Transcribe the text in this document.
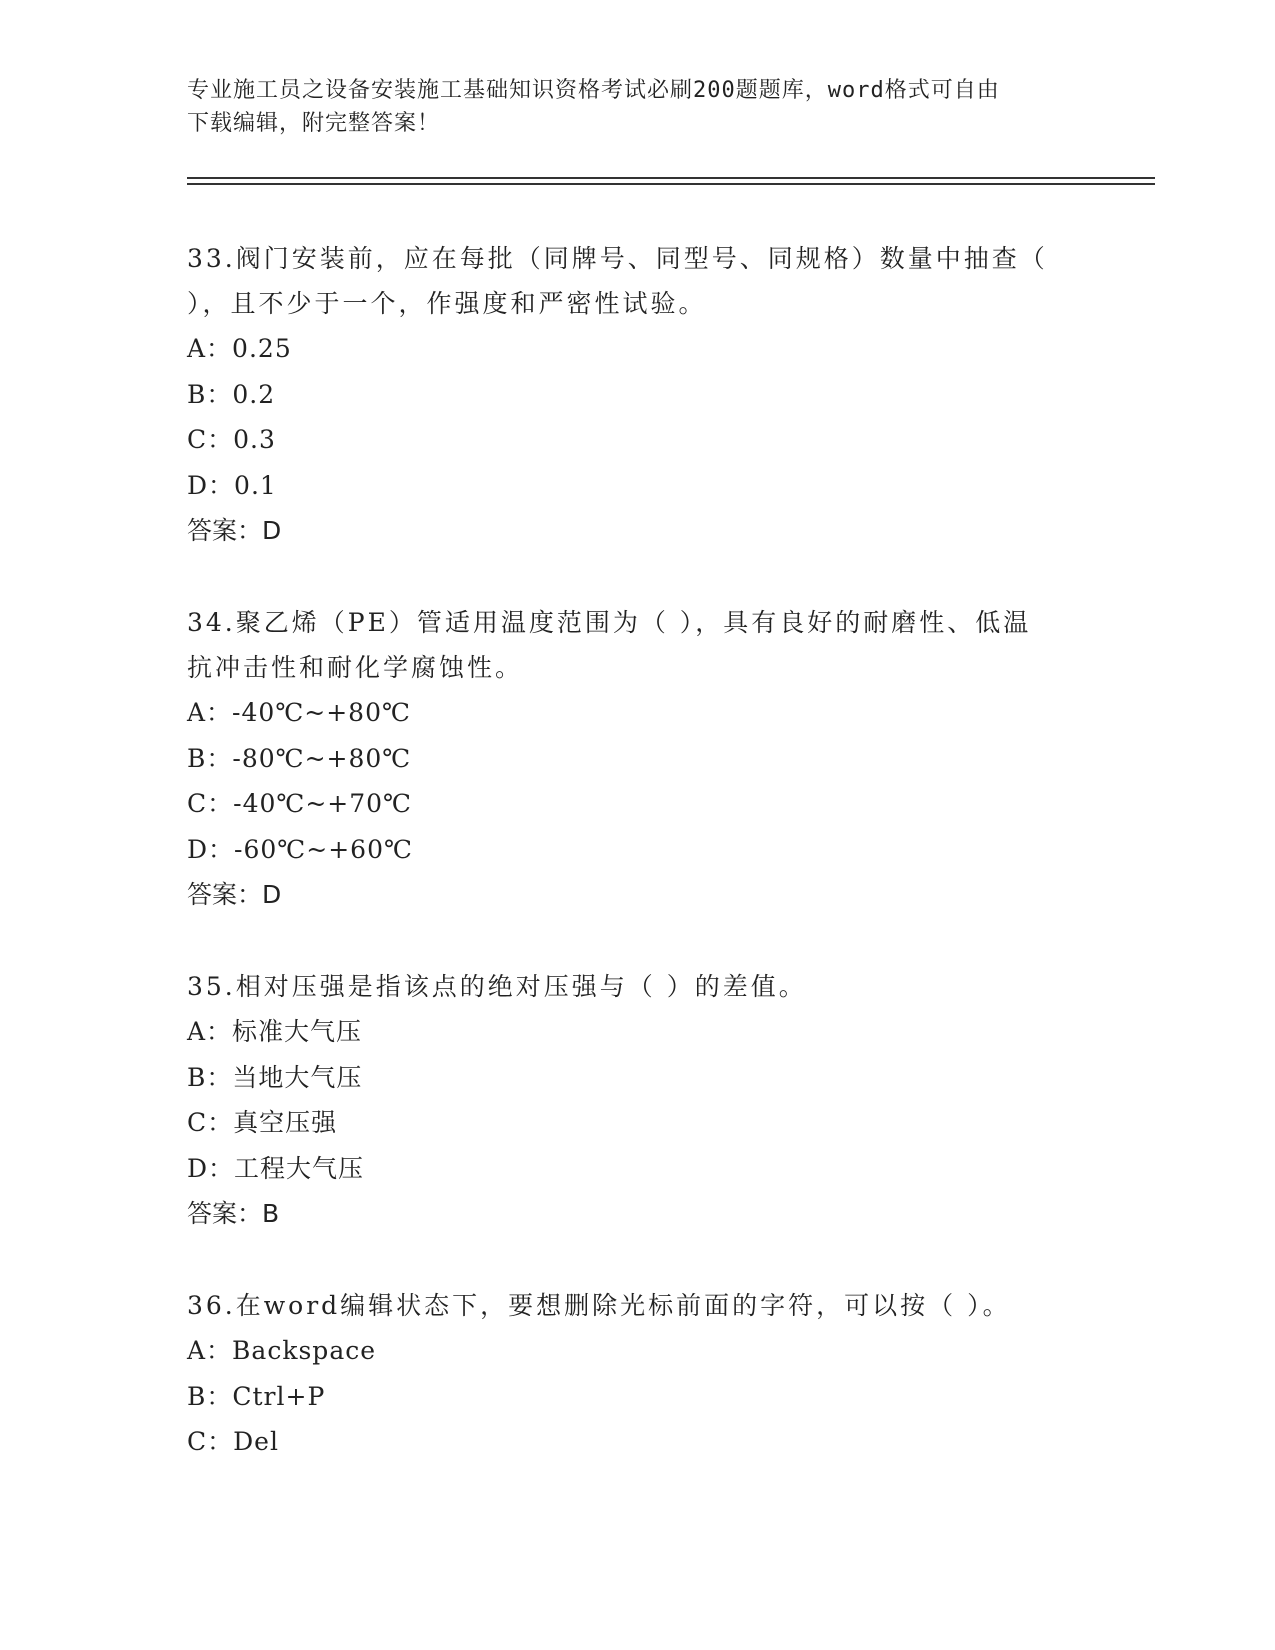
专业施工员之设备安装施工基础知识资格考试必刷200题题库，word格式可自由
下载编辑，附完整答案！
33.阀门安装前，应在每批（同牌号、同型号、同规格）数量中抽查（
），且不少于一个，作强度和严密性试验。
A：0.25
B：0.2
C：0.3
D：0.1
答案：D
34.聚乙烯（PE）管适用温度范围为（ ），具有良好的耐磨性、低温
抗冲击性和耐化学腐蚀性。
A：-40℃~+80℃
B：-80℃~+80℃
C：-40℃~+70℃
D：-60℃~+60℃
答案：D
35.相对压强是指该点的绝对压强与（ ）的差值。
A：标准大气压
B：当地大气压
C：真空压强
D：工程大气压
答案：B
36.在word编辑状态下，要想删除光标前面的字符，可以按（ ）。
A：Backspace
B：Ctrl+P
C：Del
